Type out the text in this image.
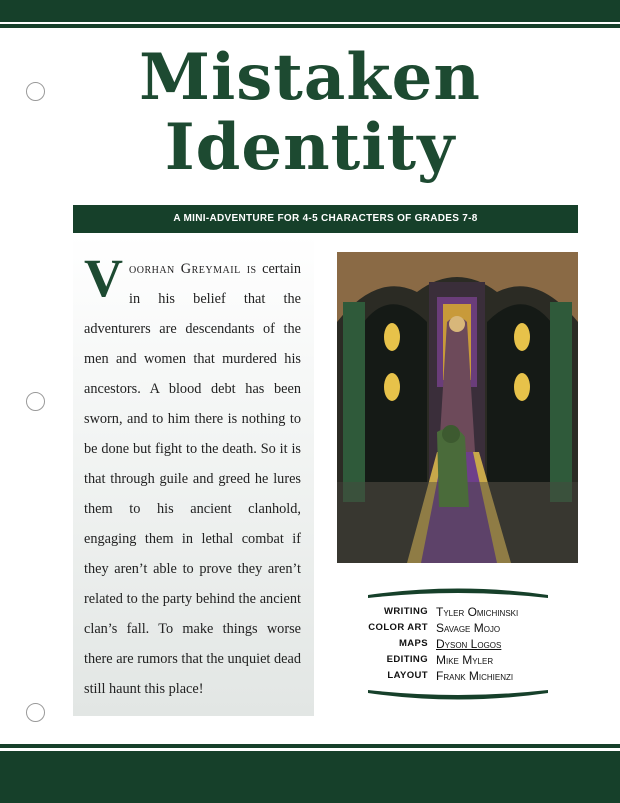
Mistaken
Identity
A MINI-ADVENTURE FOR 4-5 CHARACTERS OF GRADES 7-8

Voorhan Greymail is certain in his belief that the adventurers are descendants of the men and women that murdered his ancestors. A blood debt has been sworn, and to him there is nothing to be done but fight to the death. So it is that through guile and greed he lures them to his ancient clanhold, engaging them in lethal combat if they aren’t able to prove they aren’t related to the party behind the ancient clan’s fall. To make things worse there are rumors that the unquiet dead still haunt this place!

WRITING Tyler Omichinski
COLOR ART Savage Mojo
MAPS Dyson Logos
EDITING Mike Myler
LAYOUT Frank Michienzi
